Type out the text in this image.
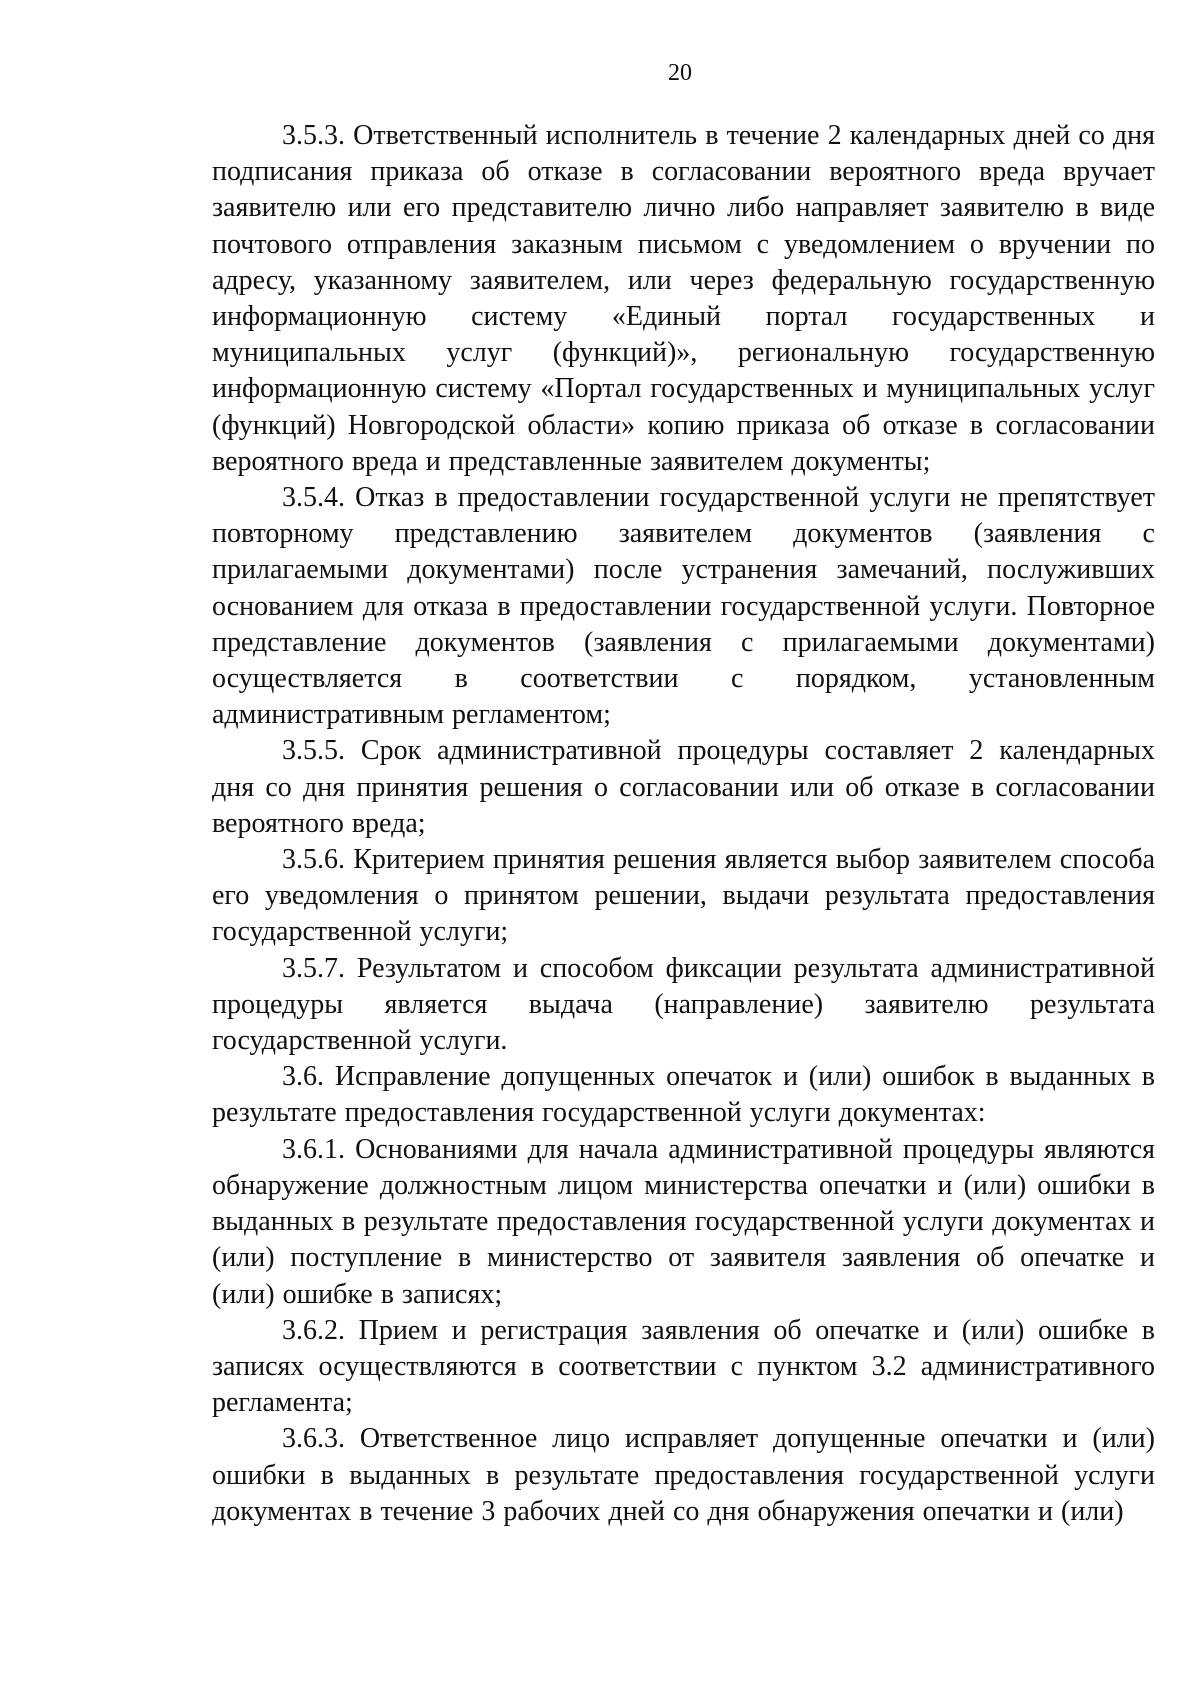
20

3.5.3. Ответственный исполнитель в течение 2 календарных дней со дня подписания приказа об отказе в согласовании вероятного вреда вручает заявителю или его представителю лично либо направляет заявителю в виде почтового отправления заказным письмом с уведомлением о вручении по адресу, указанному заявителем, или через федеральную государственную информационную систему «Единый портал государственных и муниципальных услуг (функций)», региональную государственную информационную систему «Портал государственных и муниципальных услуг (функций) Новгородской области» копию приказа об отказе в согласовании вероятного вреда и представленные заявителем документы;

3.5.4. Отказ в предоставлении государственной услуги не препятствует повторному представлению заявителем документов (заявления с прилагаемыми документами) после устранения замечаний, послуживших основанием для отказа в предоставлении государственной услуги. Повторное представление документов (заявления с прилагаемыми документами) осуществляется в соответствии с порядком, установленным административным регламентом;

3.5.5. Срок административной процедуры составляет 2 календарных дня со дня принятия решения о согласовании или об отказе в согласовании вероятного вреда;

3.5.6. Критерием принятия решения является выбор заявителем способа его уведомления о принятом решении, выдачи результата предоставления государственной услуги;

3.5.7. Результатом и способом фиксации результата административной процедуры является выдача (направление) заявителю результата государственной услуги.

3.6. Исправление допущенных опечаток и (или) ошибок в выданных в результате предоставления государственной услуги документах:

3.6.1. Основаниями для начала административной процедуры являются обнаружение должностным лицом министерства опечатки и (или) ошибки в выданных в результате предоставления государственной услуги документах и (или) поступление в министерство от заявителя заявления об опечатке и (или) ошибке в записях;

3.6.2. Прием и регистрация заявления об опечатке и (или) ошибке в записях осуществляются в соответствии с пунктом 3.2 административного регламента;

3.6.3. Ответственное лицо исправляет допущенные опечатки и (или) ошибки в выданных в результате предоставления государственной услуги документах в течение 3 рабочих дней со дня обнаружения опечатки и (или)
